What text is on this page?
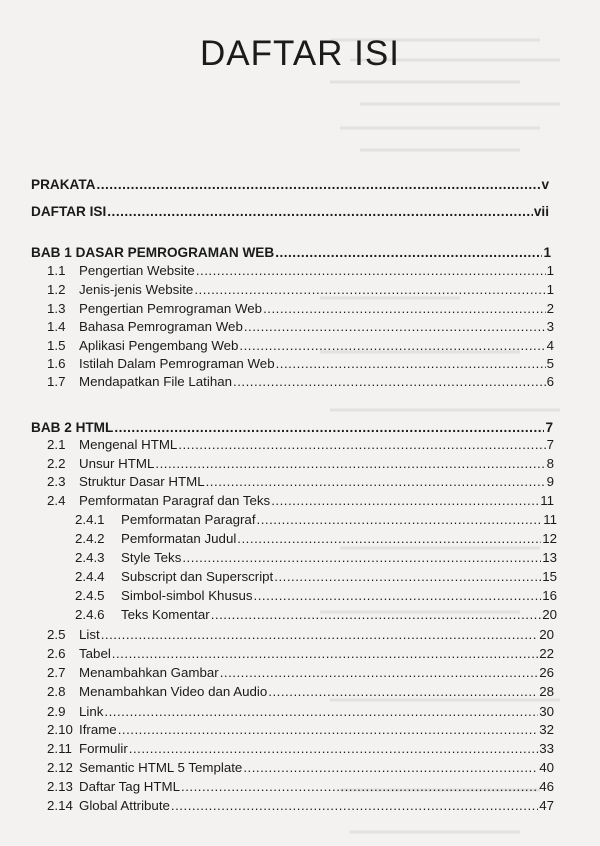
DAFTAR ISI
PRAKATA .....	v
DAFTAR ISI .....	vii
BAB 1 DASAR PEMROGRAMAN WEB .....	1
1.1	Pengertian Website .....	1
1.2	Jenis-jenis Website .....	1
1.3	Pengertian Pemrograman Web .....	2
1.4	Bahasa Pemrograman Web .....	3
1.5	Aplikasi Pengembang Web .....	4
1.6	Istilah Dalam Pemrograman Web .....	5
1.7	Mendapatkan File Latihan .....	6
BAB 2 HTML .....	7
2.1	Mengenal HTML .....	7
2.2	Unsur HTML .....	8
2.3	Struktur Dasar HTML .....	9
2.4	Pemformatan Paragraf dan Teks .....	11
2.4.1	Pemformatan Paragraf .....	11
2.4.2	Pemformatan Judul .....	12
2.4.3	Style Teks .....	13
2.4.4	Subscript dan Superscript .....	15
2.4.5	Simbol-simbol Khusus .....	16
2.4.6	Teks Komentar .....	20
2.5	List .....	20
2.6	Tabel .....	22
2.7	Menambahkan Gambar .....	26
2.8	Menambahkan Video dan Audio .....	28
2.9	Link .....	30
2.10 Iframe .....	32
2.11 Formulir .....	33
2.12 Semantic HTML 5 Template .....	40
2.13 Daftar Tag HTML .....	46
2.14 Global Attribute .....	47
